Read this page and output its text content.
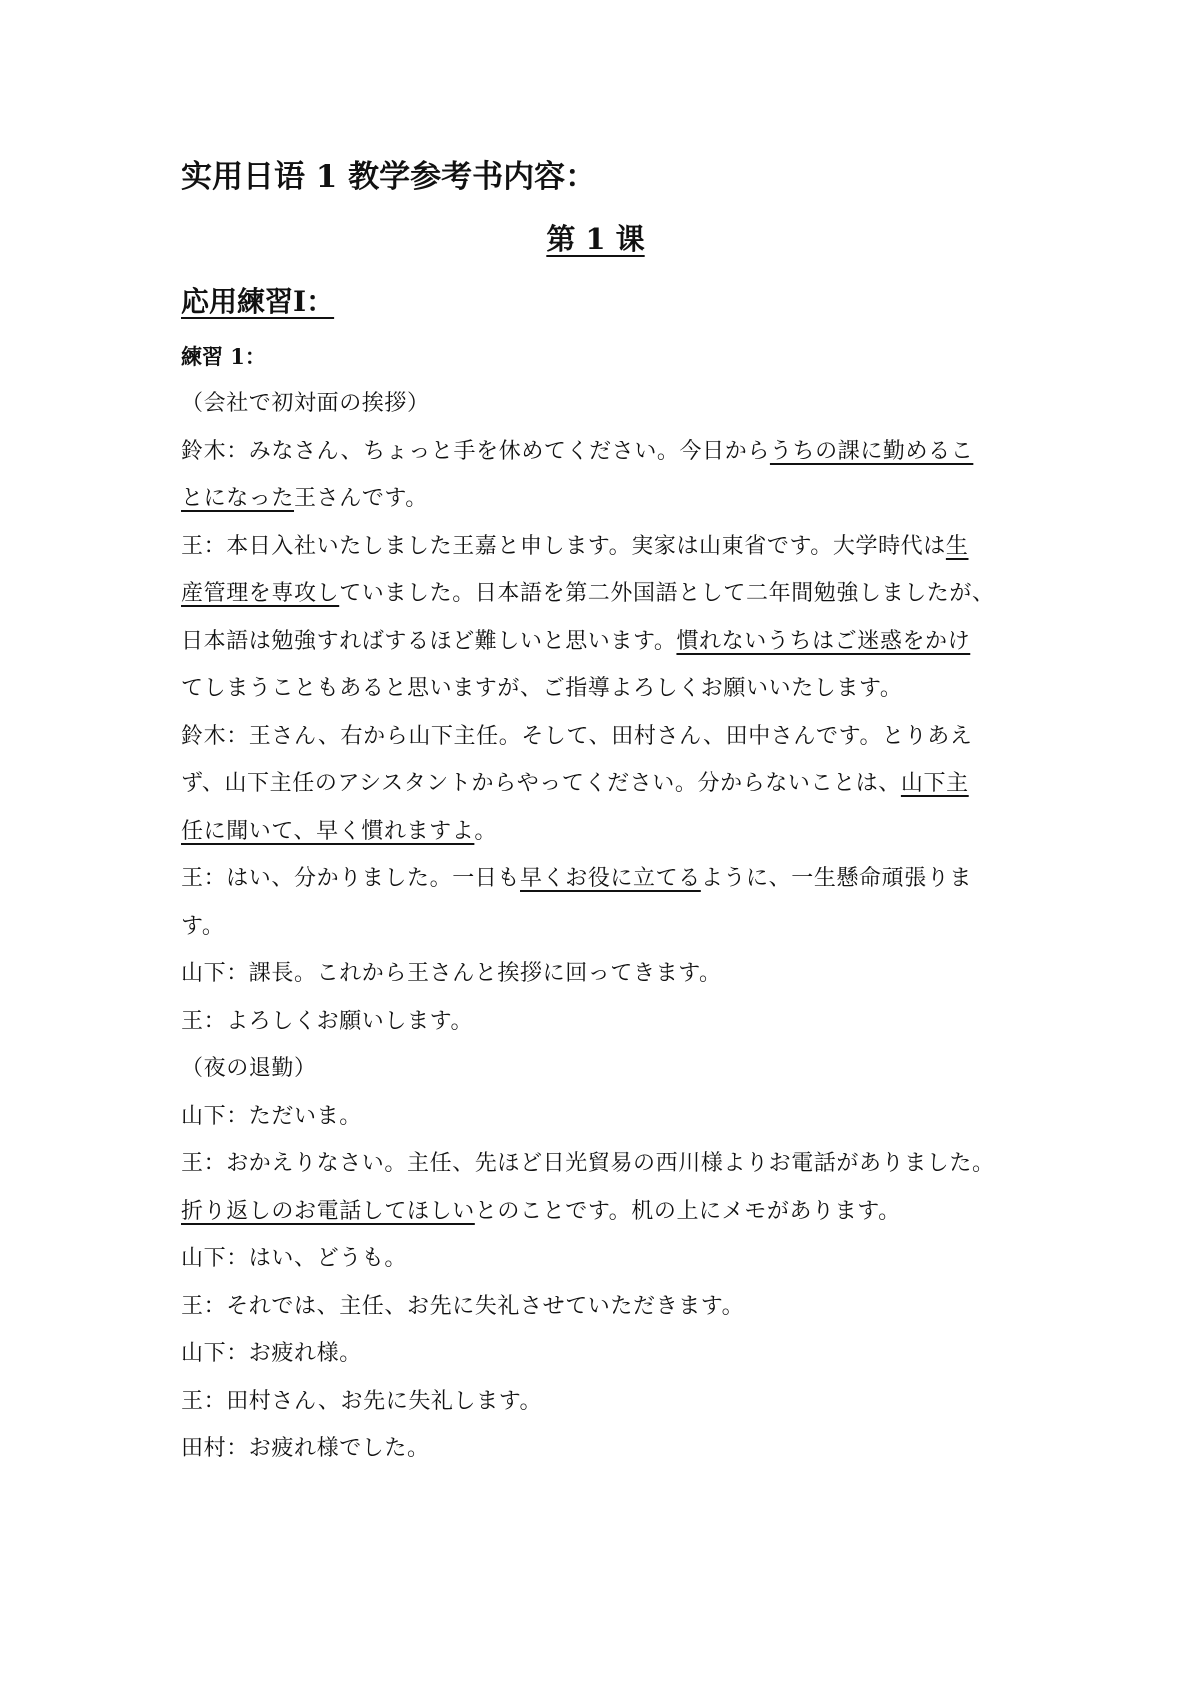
实用日语 1 教学参考书内容：
第 1 课
応用練習Ⅰ：
練習 1：
（会社で初対面の挨拶）
鈴木：みなさん、ちょっと手を休めてください。今日からうちの課に勤めるこ
とになった王さんです。
王：本日入社いたしました王嘉と申します。実家は山東省です。大学時代は生
産管理を専攻していました。日本語を第二外国語として二年間勉強しましたが、
日本語は勉強すればするほど難しいと思います。慣れないうちはご迷惑をかけ
てしまうこともあると思いますが、ご指導よろしくお願いいたします。
鈴木：王さん、右から山下主任。そして、田村さん、田中さんです。とりあえ
ず、山下主任のアシスタントからやってください。分からないことは、山下主
任に聞いて、早く慣れますよ。
王：はい、分かりました。一日も早くお役に立てるように、一生懸命頑張りま
す。
山下：課長。これから王さんと挨拶に回ってきます。
王：よろしくお願いします。
（夜の退勤）
山下：ただいま。
王：おかえりなさい。主任、先ほど日光貿易の西川様よりお電話がありました。
折り返しのお電話してほしいとのことです。机の上にメモがあります。
山下：はい、どうも。
王：それでは、主任、お先に失礼させていただきます。
山下：お疲れ様。
王：田村さん、お先に失礼します。
田村：お疲れ様でした。
